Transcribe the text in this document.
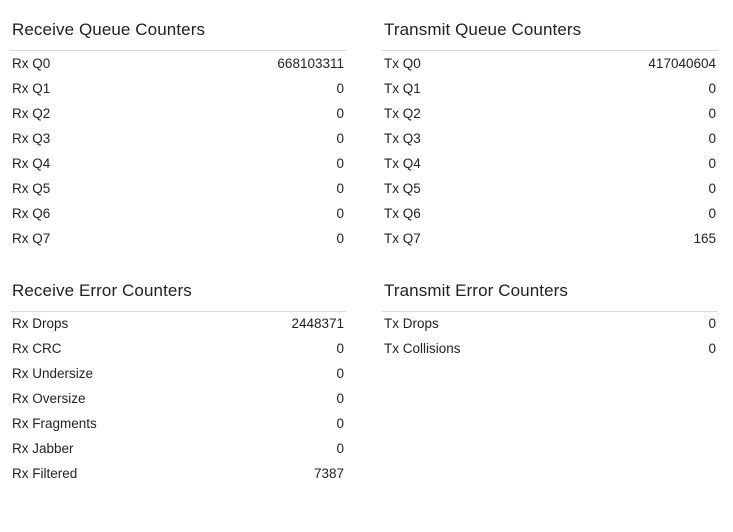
Receive Queue Counters
Rx Q0	668103311
Rx Q1	0
Rx Q2	0
Rx Q3	0
Rx Q4	0
Rx Q5	0
Rx Q6	0
Rx Q7	0
Receive Error Counters
Rx Drops	2448371
Rx CRC	0
Rx Undersize	0
Rx Oversize	0
Rx Fragments	0
Rx Jabber	0
Rx Filtered	7387
Transmit Queue Counters
Tx Q0	417040604
Tx Q1	0
Tx Q2	0
Tx Q3	0
Tx Q4	0
Tx Q5	0
Tx Q6	0
Tx Q7	165
Transmit Error Counters
Tx Drops	0
Tx Collisions	0
